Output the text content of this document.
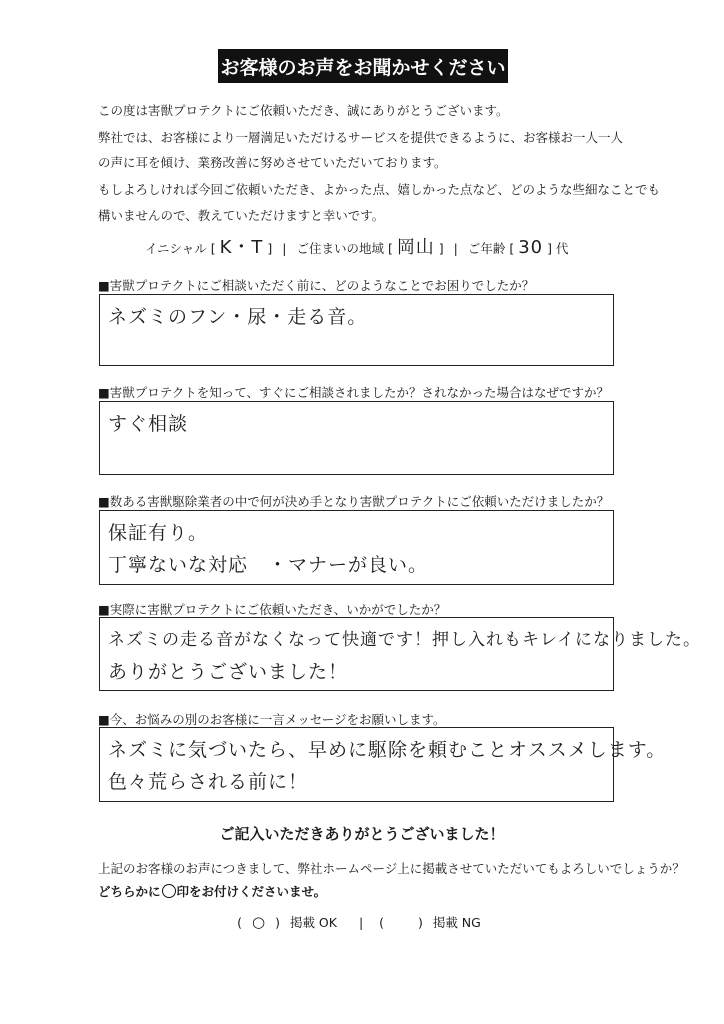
お客様のお声をお聞かせください
この度は害獣プロテクトにご依頼いただき、誠にありがとうございます。
弊社では、お客様により一層満足いただけるサービスを提供できるように、お客様お一人一人
の声に耳を傾け、業務改善に努めさせていただいております。
もしよろしければ今回ご依頼いただき、よかった点、嬉しかった点など、どのような些細なことでも
構いませんので、教えていただけますと幸いです。
イニシャル [ K・T ] | ご住まいの地域 [ 岡山 ] | ご年齢 [ 30 ] 代
■害獣プロテクトにご相談いただく前に、どのようなことでお困りでしたか？
ネズミのフン・尿・走る音。
■害獣プロテクトを知って、すぐにご相談されましたか？されなかった場合はなぜですか？
すぐ相談
■数ある害獣駆除業者の中で何が決め手となり害獣プロテクトにご依頼いただけましたか？
保証有り。
丁寧ないな対応　・マナーが良い。
■実際に害獣プロテクトにご依頼いただき、いかがでしたか？
ネズミの走る音がなくなって快適です！押し入れもキレイになりました。
ありがとうございました！
■今、お悩みの別のお客様に一言メッセージをお願いします。
ネズミに気づいたら、早めに駆除を頼むことオススメします。
色々荒らされる前に！
ご記入いただきありがとうございました！
上記のお客様のお声につきまして、弊社ホームページ上に掲載させていただいてもよろしいでしょうか？
どちらかに○印をお付けくださいませ。
( ○ ) 掲載 OK | (  ) 掲載 NG
